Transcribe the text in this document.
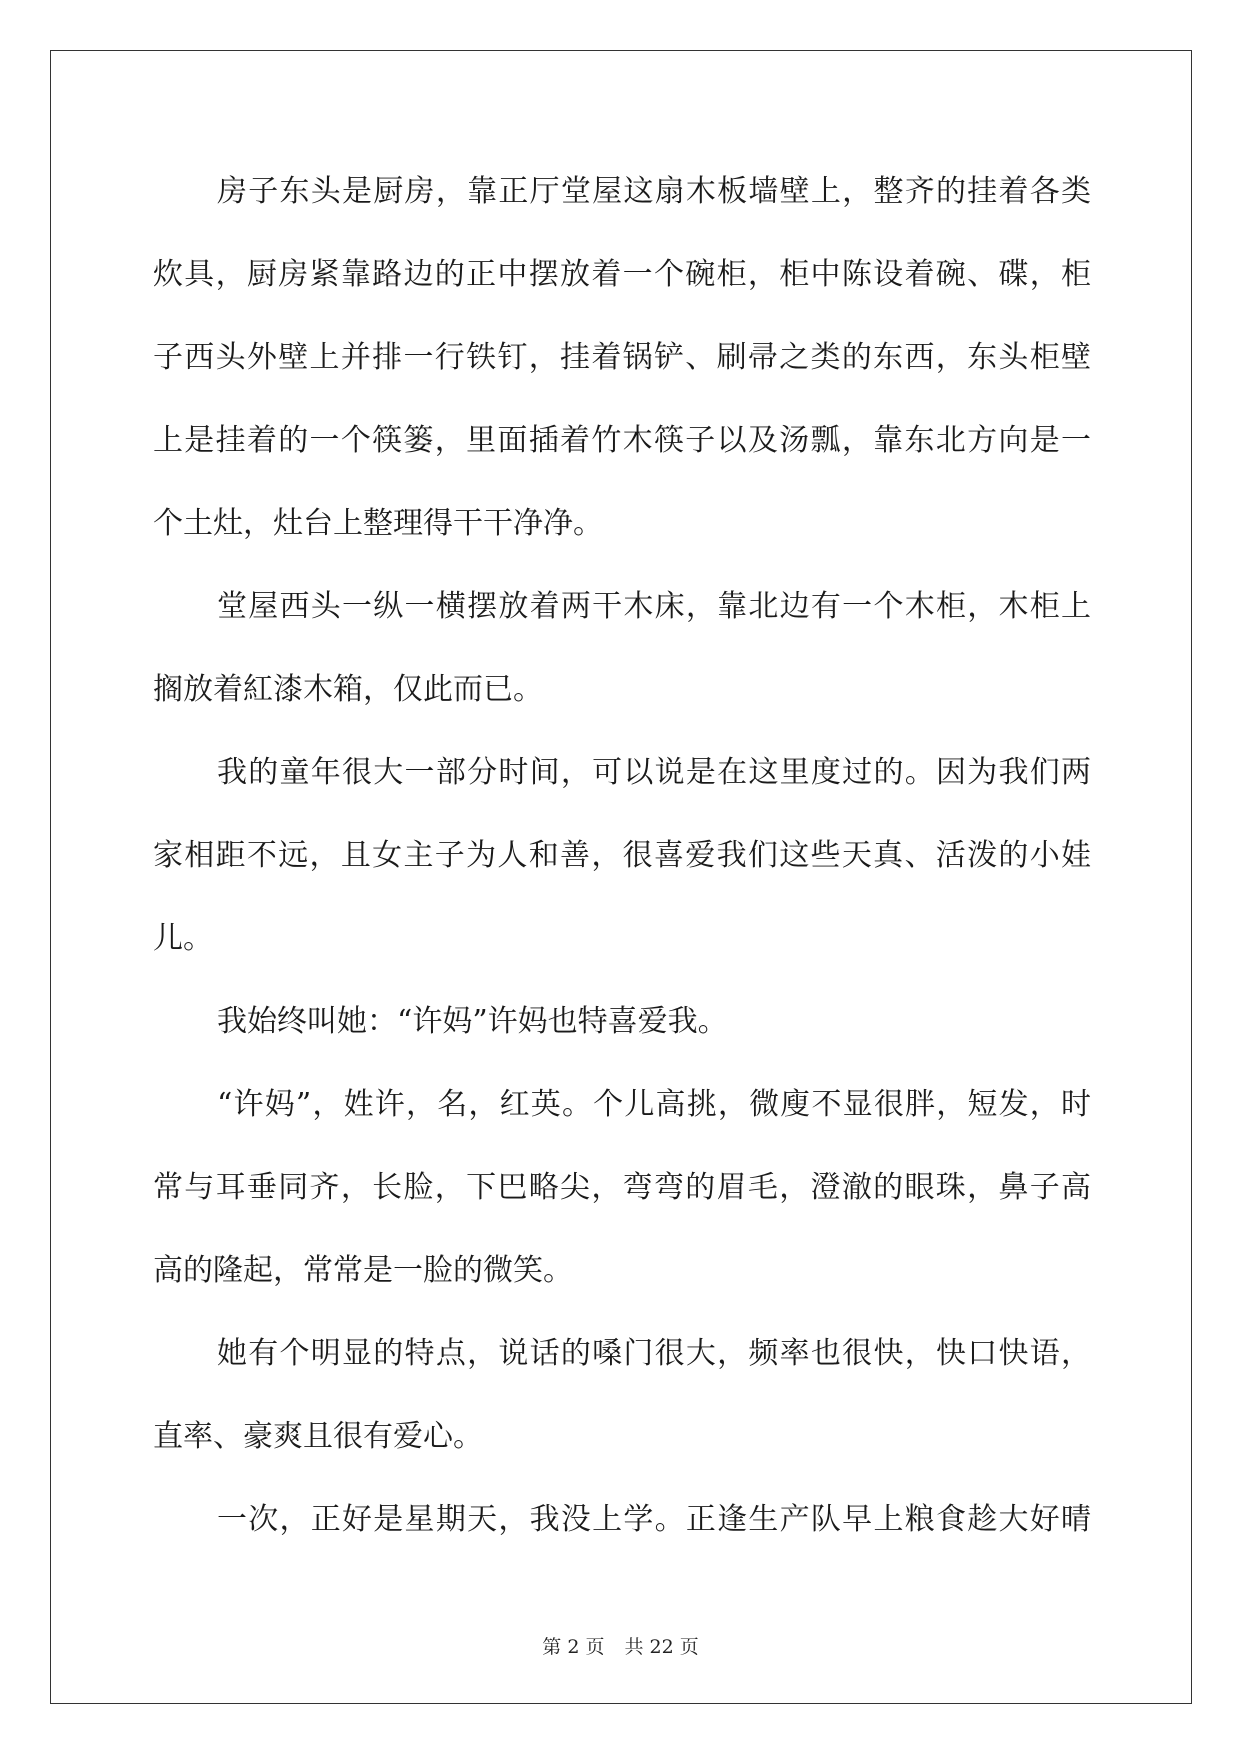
房子东头是厨房，靠正厅堂屋这扇木板墙壁上，整齐的挂着各类
炊具，厨房紧靠路边的正中摆放着一个碗柜，柜中陈设着碗、碟，柜
子西头外壁上并排一行铁钉，挂着锅铲、刷帚之类的东西，东头柜壁
上是挂着的一个筷篓，里面插着竹木筷子以及汤瓢，靠东北方向是一
个土灶，灶台上整理得干干净净。
堂屋西头一纵一横摆放着两干木床，靠北边有一个木柜，木柜上
搁放着紅漆木箱，仅此而已。
我的童年很大一部分时间，可以说是在这里度过的。因为我们两
家相距不远，且女主子为人和善，很喜爱我们这些天真、活泼的小娃
儿。
我始终叫她：“许妈”许妈也特喜爱我。
“许妈”，姓许，名，红英。个儿高挑，微廋不显很胖，短发，时
常与耳垂同齐，长脸，下巴略尖，弯弯的眉毛，澄澈的眼珠，鼻子高
高的隆起，常常是一脸的微笑。
她有个明显的特点，说话的嗓门很大，频率也很快，快口快语，
直率、豪爽且很有爱心。
一次，正好是星期天，我没上学。正逢生产队早上粮食趁大好晴
第 2 页 共 22 页
